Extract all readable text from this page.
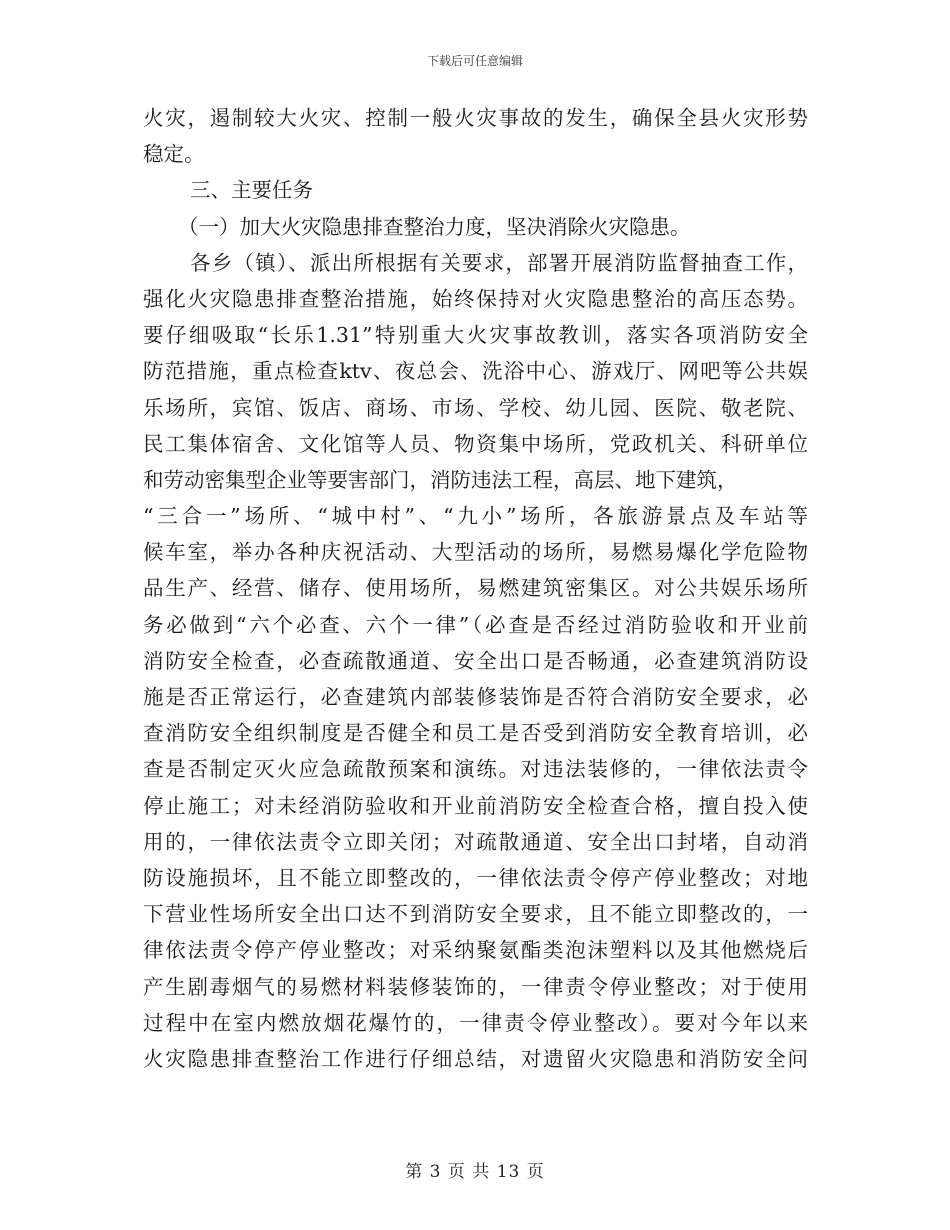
下载后可任意编辑
火灾，遏制较大火灾、控制一般火灾事故的发生，确保全县火灾形势
稳定。
三、主要任务
（一）加大火灾隐患排查整治力度，坚决消除火灾隐患。
各乡（镇）、派出所根据有关要求，部署开展消防监督抽查工作，
强化火灾隐患排查整治措施，始终保持对火灾隐患整治的高压态势。
要仔细吸取“长乐1.31”特别重大火灾事故教训，落实各项消防安全
防范措施，重点检查ktv、夜总会、洗浴中心、游戏厅、网吧等公共娱
乐场所，宾馆、饭店、商场、市场、学校、幼儿园、医院、敬老院、
民工集体宿舍、文化馆等人员、物资集中场所，党政机关、科研单位
和劳动密集型企业等要害部门，消防违法工程，高层、地下建筑，
“三合一”场所、“城中村”、“九小”场所，各旅游景点及车站等
候车室，举办各种庆祝活动、大型活动的场所，易燃易爆化学危险物
品生产、经营、储存、使用场所，易燃建筑密集区。对公共娱乐场所
务必做到“六个必查、六个一律”（必查是否经过消防验收和开业前
消防安全检查，必查疏散通道、安全出口是否畅通，必查建筑消防设
施是否正常运行，必查建筑内部装修装饰是否符合消防安全要求，必
查消防安全组织制度是否健全和员工是否受到消防安全教育培训，必
查是否制定灭火应急疏散预案和演练。对违法装修的，一律依法责令
停止施工；对未经消防验收和开业前消防安全检查合格，擅自投入使
用的，一律依法责令立即关闭；对疏散通道、安全出口封堵，自动消
防设施损坏，且不能立即整改的，一律依法责令停产停业整改；对地
下营业性场所安全出口达不到消防安全要求，且不能立即整改的，一
律依法责令停产停业整改；对采纳聚氨酯类泡沫塑料以及其他燃烧后
产生剧毒烟气的易燃材料装修装饰的，一律责令停业整改；对于使用
过程中在室内燃放烟花爆竹的，一律责令停业整改）。要对今年以来
火灾隐患排查整治工作进行仔细总结，对遗留火灾隐患和消防安全问
第 3 页 共 13 页
